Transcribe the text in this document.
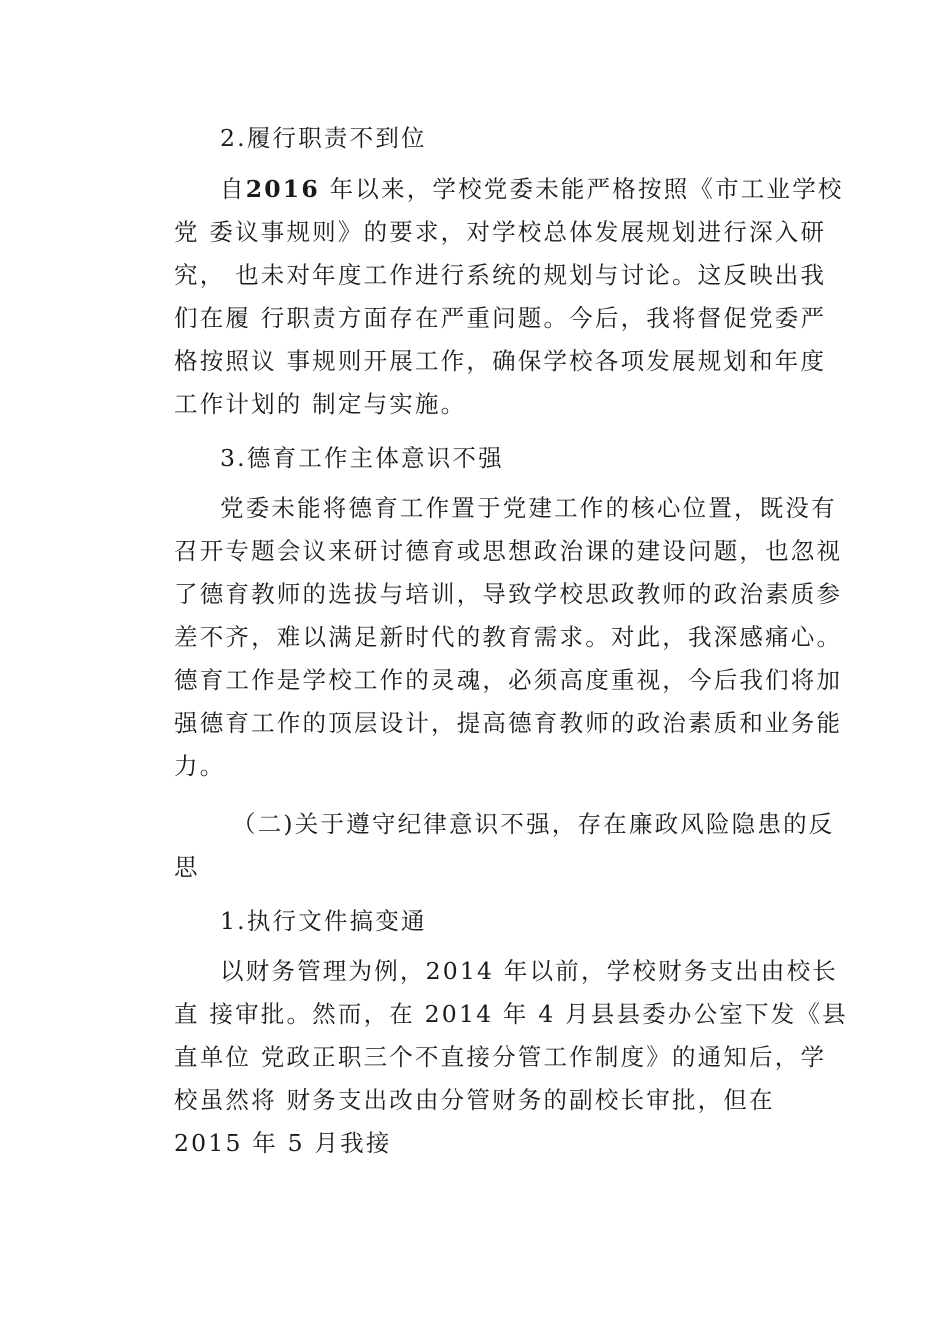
2.履行职责不到位
自2016 年以来，学校党委未能严格按照《市工业学校
党 委议事规则》的要求，对学校总体发展规划进行深入研
究， 也未对年度工作进行系统的规划与讨论。这反映出我
们在履 行职责方面存在严重问题。今后，我将督促党委严
格按照议 事规则开展工作，确保学校各项发展规划和年度
工作计划的 制定与实施。
3.德育工作主体意识不强
党委未能将德育工作置于党建工作的核心位置，既没有
召开专题会议来研讨德育或思想政治课的建设问题，也忽视
了德育教师的选拔与培训，导致学校思政教师的政治素质参
差不齐，难以满足新时代的教育需求。对此，我深感痛心。
德育工作是学校工作的灵魂，必须高度重视，今后我们将加
强德育工作的顶层设计，提高德育教师的政治素质和业务能
力。
（二)关于遵守纪律意识不强，存在廉政风险隐患的反
思
1.执行文件搞变通
以财务管理为例，2014 年以前，学校财务支出由校长
直 接审批。然而，在 2014 年 4 月县县委办公室下发《县
直单位 党政正职三个不直接分管工作制度》的通知后，学
校虽然将 财务支出改由分管财务的副校长审批，但在
2015 年 5 月我接
